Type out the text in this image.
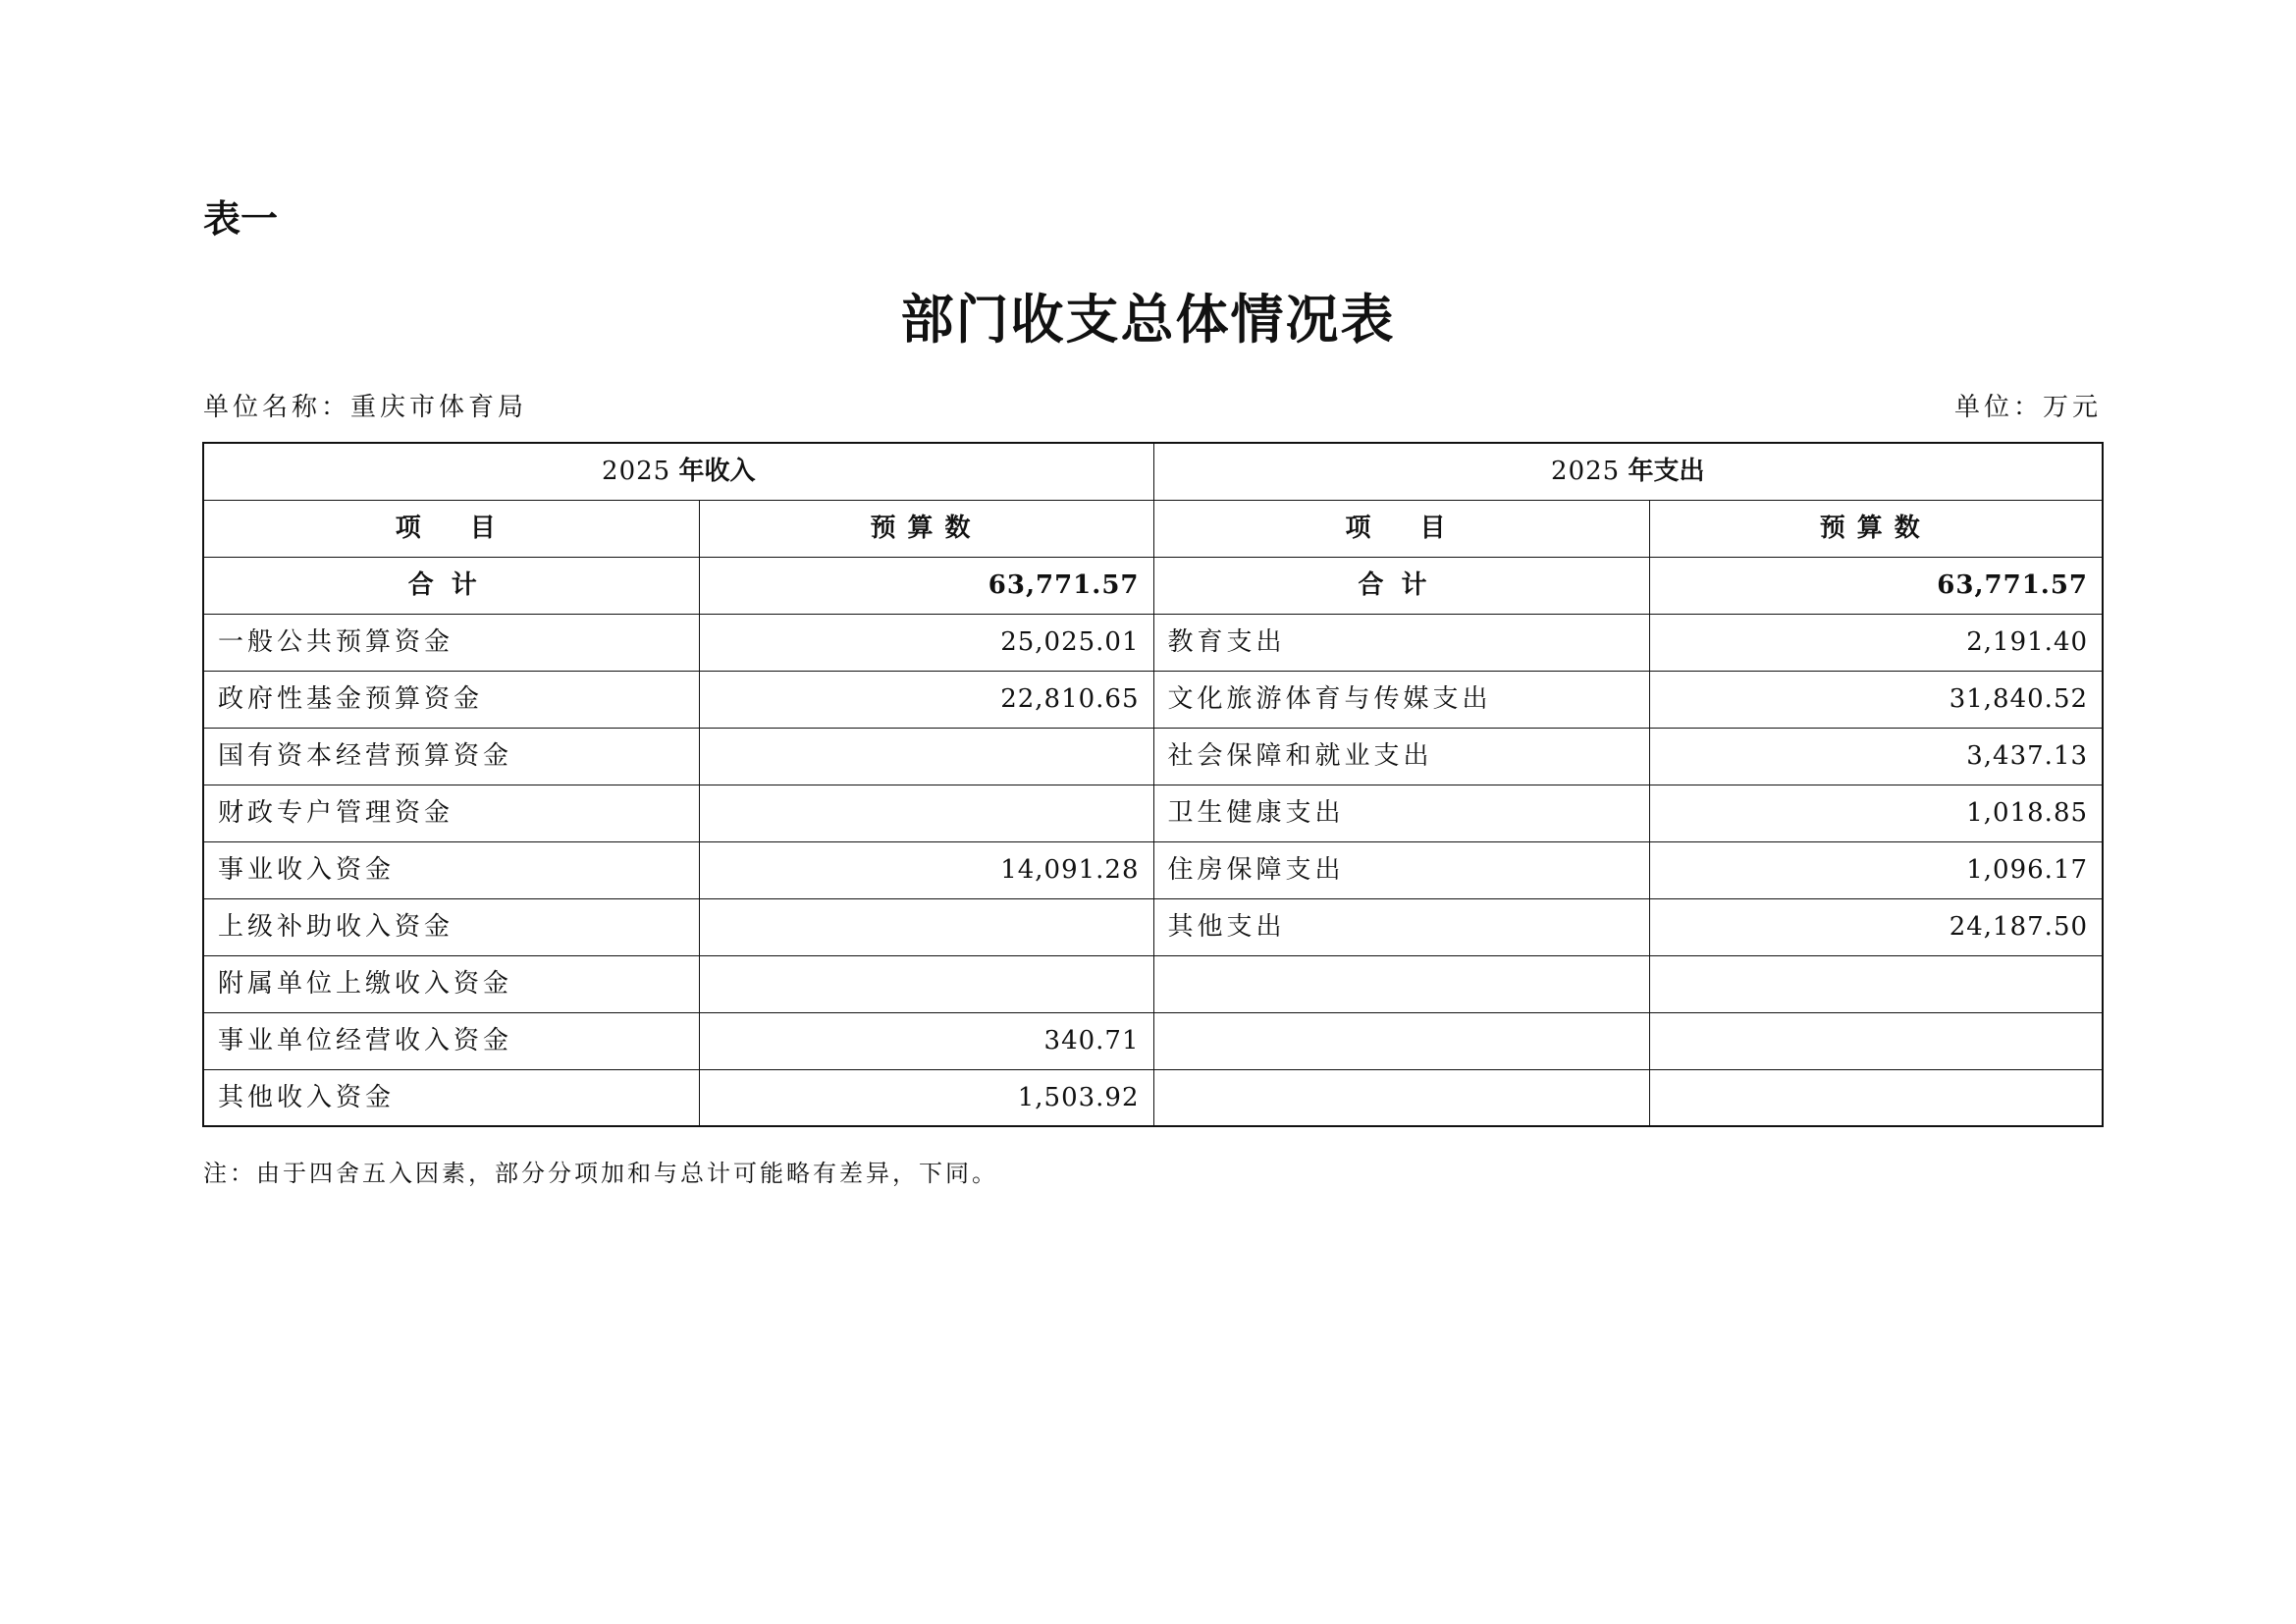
表一
部门收支总体情况表
单位名称：重庆市体育局	单位：万元
2025 年收入		2025 年支出	
项　目	预算数	项　目	预算数
合计	63,771.57	合计	63,771.57
一般公共预算资金	25,025.01	教育支出	2,191.40
政府性基金预算资金	22,810.65	文化旅游体育与传媒支出	31,840.52
国有资本经营预算资金		社会保障和就业支出	3,437.13
财政专户管理资金		卫生健康支出	1,018.85
事业收入资金	14,091.28	住房保障支出	1,096.17
上级补助收入资金		其他支出	24,187.50
附属单位上缴收入资金			
事业单位经营收入资金	340.71		
其他收入资金	1,503.92		
注：由于四舍五入因素，部分分项加和与总计可能略有差异，下同。
